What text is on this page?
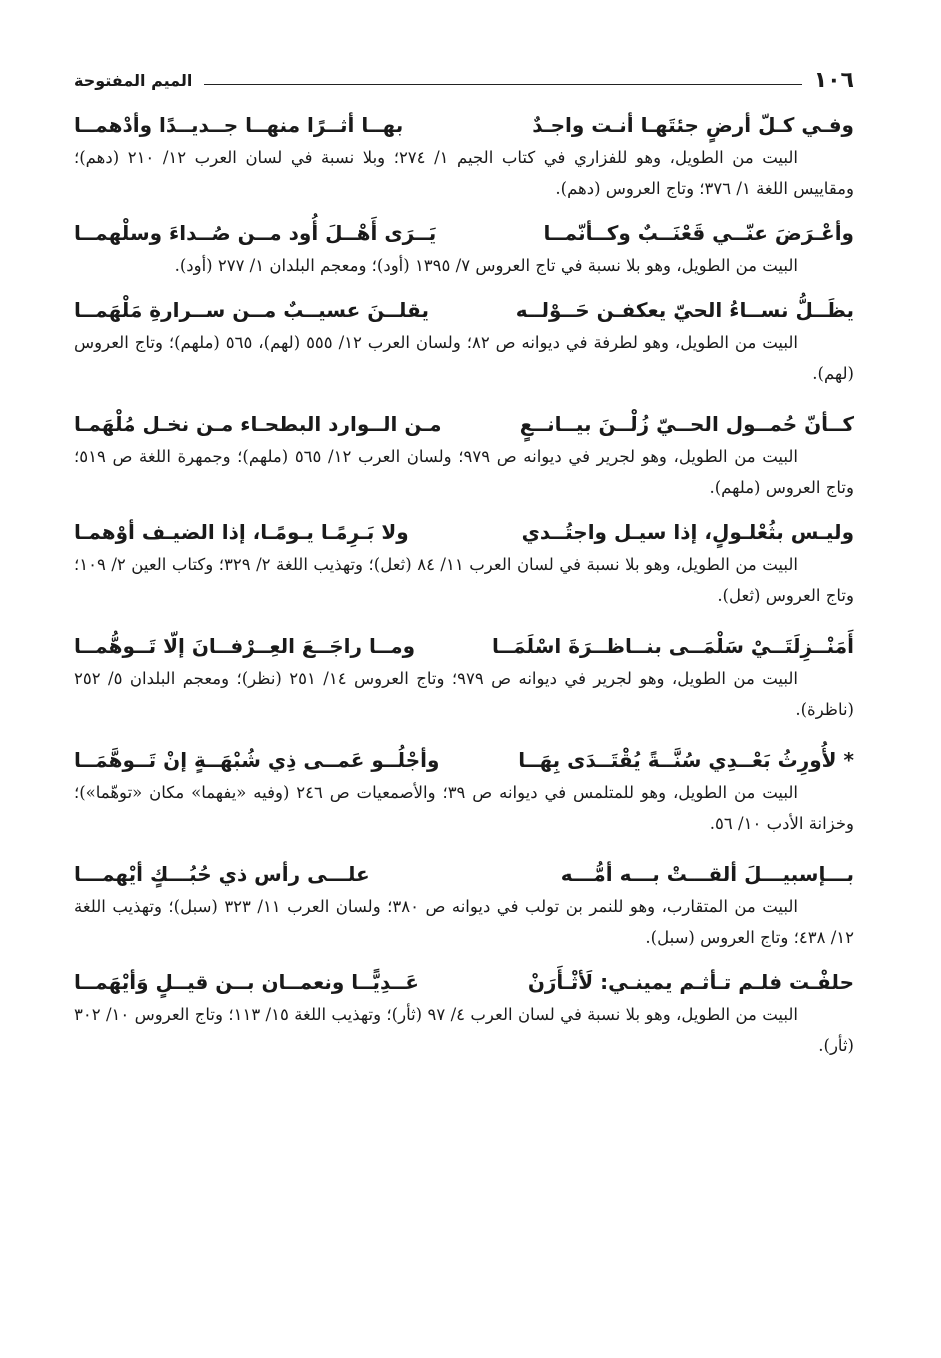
١٠٦
الميم المفتوحة
وفـي كـلّ أرضٍ جئتَهـا أنـت واجـدٌ
بهــا أثــرًا منهــا جــديــدًا وأدْهمــا
البيت من الطويل، وهو للفزاري في كتاب الجيم ١/ ٢٧٤؛ وبلا نسبة في لسان العرب ١٢/ ٢١٠ (دهم)؛ ومقاييس اللغة ١/ ٣٧٦؛ وتاج العروس (دهم).
وأعْـرَضَ عنّــي قَعْنَــبٌ وكــأنّمــا
يَــرَى أَهْــلَ أُود مــن صُــداءَ وسلْهمــا
البيت من الطويل، وهو بلا نسبة في تاج العروس ٧/ ١٣٩٥ (أود)؛ ومعجم البلدان ١/ ٢٧٧ (أود).
يظَــلُّ نســاءُ الحيّ يعكفـن حَــوْلــه
يقلــنَ عسيــبٌ مــن ســرارةِ مَلْهَمــا
البيت من الطويل، وهو لطرفة في ديوانه ص ٨٢؛ ولسان العرب ١٢/ ٥٥٥ (لهم)، ٥٦٥ (ملهم)؛ وتاج العروس (لهم).
كــأنّ حُمــول الحــيّ زُلْــنَ بيــانــعٍ
مـن الــوارد البطحـاء مـن نخـل مُلْهَمـا
البيت من الطويل، وهو لجرير في ديوانه ص ٩٧٩؛ ولسان العرب ١٢/ ٥٦٥ (ملهم)؛ وجمهرة اللغة ص ٥١٩؛ وتاج العروس (ملهم).
وليـس بثُعْلـولٍ، إذا سيـل واجتُــدي
ولا بَـرِمًـا يـومًـا، إذا الضيـف أوْهمـا
البيت من الطويل، وهو بلا نسبة في لسان العرب ١١/ ٨٤ (ثعل)؛ وتهذيب اللغة ٢/ ٣٢٩؛ وكتاب العين ٢/ ١٠٩؛ وتاج العروس (ثعل).
أَمَنْــزِلَتَــيْ سَلْمَــى بنــاظــرَةَ اسْلَمَــا
ومــا راجَــعَ العِــرْفــانَ إلّا تَــوهُّمــا
البيت من الطويل، وهو لجرير في ديوانه ص ٩٧٩؛ وتاج العروس ١٤/ ٢٥١ (نظر)؛ ومعجم البلدان ٥/ ٢٥٢ (ناظرة).
* لأُورِثُ بَعْــدِي سُنَّــةً يُقْتَــدَى بِهَــا
وأجْلُــو عَمــى ذِي شُبْهَــةٍ إنْ تَــوهَّمَــا
البيت من الطويل، وهو للمتلمس في ديوانه ص ٣٩؛ والأصمعيات ص ٢٤٦ (وفيه «يفهما» مكان «توهّما»)؛ وخزانة الأدب ١٠/ ٥٦.
بـــإسبيـــلَ ألقـــتْ بـــه أمُّـــه
علـــى رأس ذي حُبُـــكٍ أيْهمـــا
البيت من المتقارب، وهو للنمر بن تولب في ديوانه ص ٣٨٠؛ ولسان العرب ١١/ ٣٢٣ (سبل)؛ وتهذيب اللغة ١٢/ ٤٣٨؛ وتاج العروس (سبل).
حلفْـت فلـم تـأثـم يمينـي: لَأثْـأَرَنْ
عَــدِيًّــا ونعمــان بــن قيــلٍ وَأيْهَمــا
البيت من الطويل، وهو بلا نسبة في لسان العرب ٤/ ٩٧ (ثأر)؛ وتهذيب اللغة ١٥/ ١١٣؛ وتاج العروس ١٠/ ٣٠٢ (ثأر).
